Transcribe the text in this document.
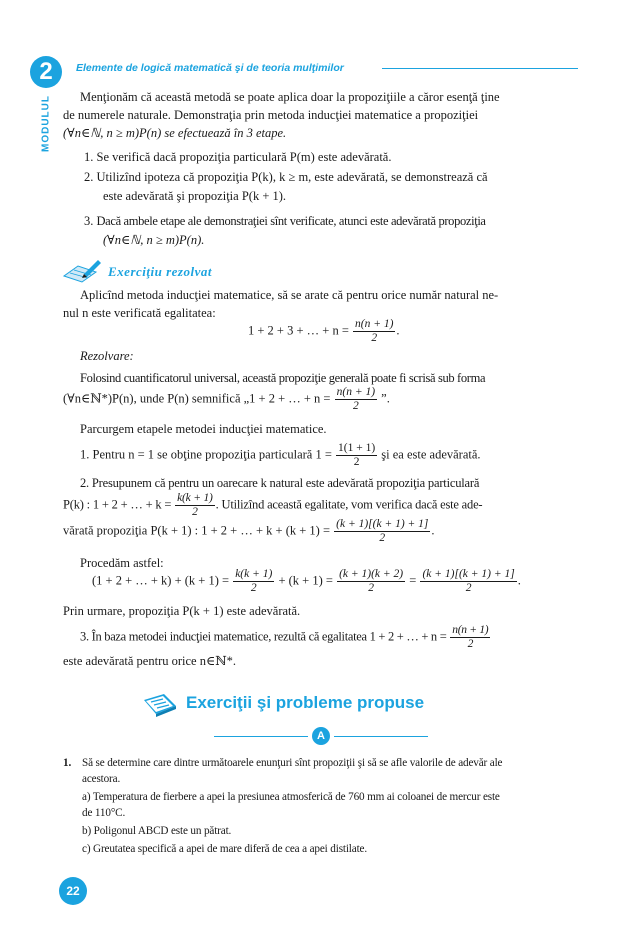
2
MODULUL
Elemente de logică matematică şi de teoria mulţimilor
Menţionăm că această metodă se poate aplica doar la propoziţiile a căror esenţă ţine
de numerele naturale. Demonstraţia prin metoda inducţiei matematice a propoziţiei
(∀n∈ℕ, n ≥ m)P(n) se efectuează în 3 etape.
1. Se verifică dacă propoziţia particulară P(m) este adevărată.
2. Utilizînd ipoteza că propoziţia P(k), k ≥ m, este adevărată, se demonstrează că
este adevărată şi propoziţia P(k + 1).
3. Dacă ambele etape ale demonstraţiei sînt verificate, atunci este adevărată propoziţia
(∀n∈ℕ, n ≥ m)P(n).
Exerciţiu rezolvat
Aplicînd metoda inducţiei matematice, să se arate că pentru orice număr natural ne-
nul n este verificată egalitatea:
1 + 2 + 3 + … + $n = \frac{n(n + 1)}{2}$ .
Rezolvare:
Folosind cuantificatorul universal, această propoziţie generală poate fi scrisă sub forma
(∀n∈ℕ*)P(n), unde P(n) semnifică „1 + 2 + … + $n = \frac{n(n + 1)}{2}$ ”.
Parcurgem etapele metodei inducţiei matematice.
1. Pentru n = 1 se obţine propoziţia particulară $1 = \frac{1(1 + 1)}{2}$ şi ea este adevărată.
2. Presupunem că pentru un oarecare k natural este adevărată propoziţia particulară
P(k) : 1 + 2 + … + $k = \frac{k(k + 1)}{2}$ . Utilizînd această egalitate, vom verifica dacă este ade-
vărată propoziţia P(k + 1) : 1 + 2 + … + $k + (k + 1) = \frac{(k + 1)[(k + 1) + 1]}{2}$ .
Procedăm astfel:
(1 + 2 + … + $k) + (k + 1) = \frac{k(k + 1)}{2} + (k + 1) = \frac{(k + 1)(k + 2)}{2} = \frac{(k + 1)[(k + 1) + 1]}{2}$ .
Prin urmare, propoziţia P(k + 1) este adevărată.
3. În baza metodei inducţiei matematice, rezultă că egalitatea 1 + 2 + … + $n = \frac{n(n + 1)}{2}$
este adevărată pentru orice n∈ℕ*.
Exerciţii şi probleme propuse
A
1. Să se determine care dintre următoarele enunţuri sînt propoziţii şi să se afle valorile de adevăr ale
acestora.
a) Temperatura de fierbere a apei la presiunea atmosferică de 760 mm ai coloanei de mercur este
de 110°C.
b) Poligonul ABCD este un pătrat.
c) Greutatea specifică a apei de mare diferă de cea a apei distilate.
22
